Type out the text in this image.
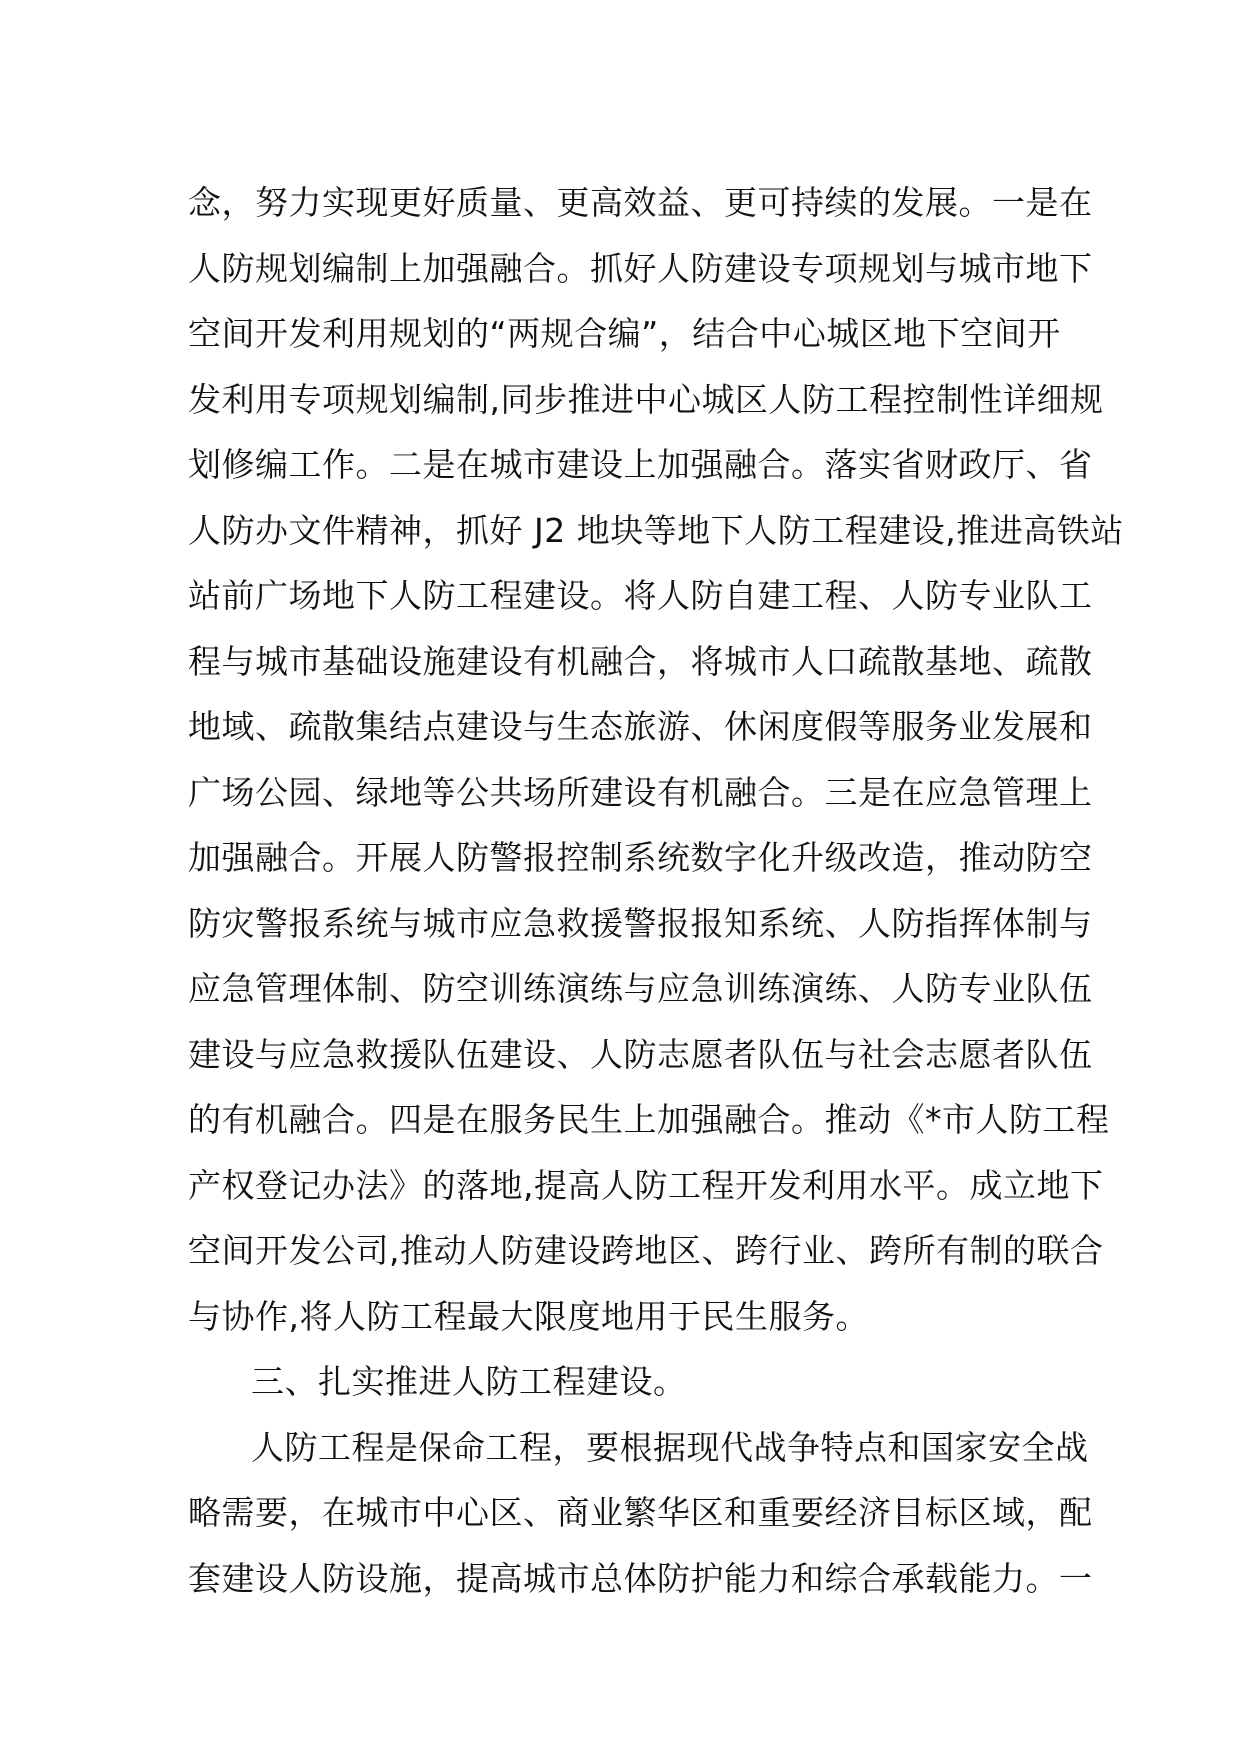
念，努力实现更好质量、更高效益、更可持续的发展。一是在
人防规划编制上加强融合。抓好人防建设专项规划与城市地下
空间开发利用规划的“两规合编”，结合中心城区地下空间开
发利用专项规划编制,同步推进中心城区人防工程控制性详细规
划修编工作。二是在城市建设上加强融合。落实省财政厅、省
人防办文件精神，抓好 J2 地块等地下人防工程建设,推进高铁站
站前广场地下人防工程建设。将人防自建工程、人防专业队工
程与城市基础设施建设有机融合，将城市人口疏散基地、疏散
地域、疏散集结点建设与生态旅游、休闲度假等服务业发展和
广场公园、绿地等公共场所建设有机融合。三是在应急管理上
加强融合。开展人防警报控制系统数字化升级改造，推动防空
防灾警报系统与城市应急救援警报报知系统、人防指挥体制与
应急管理体制、防空训练演练与应急训练演练、人防专业队伍
建设与应急救援队伍建设、人防志愿者队伍与社会志愿者队伍
的有机融合。四是在服务民生上加强融合。推动《*市人防工程
产权登记办法》的落地,提高人防工程开发利用水平。成立地下
空间开发公司,推动人防建设跨地区、跨行业、跨所有制的联合
与协作,将人防工程最大限度地用于民生服务。
三、扎实推进人防工程建设。
人防工程是保命工程，要根据现代战争特点和国家安全战
略需要，在城市中心区、商业繁华区和重要经济目标区域，配
套建设人防设施，提高城市总体防护能力和综合承载能力。一
